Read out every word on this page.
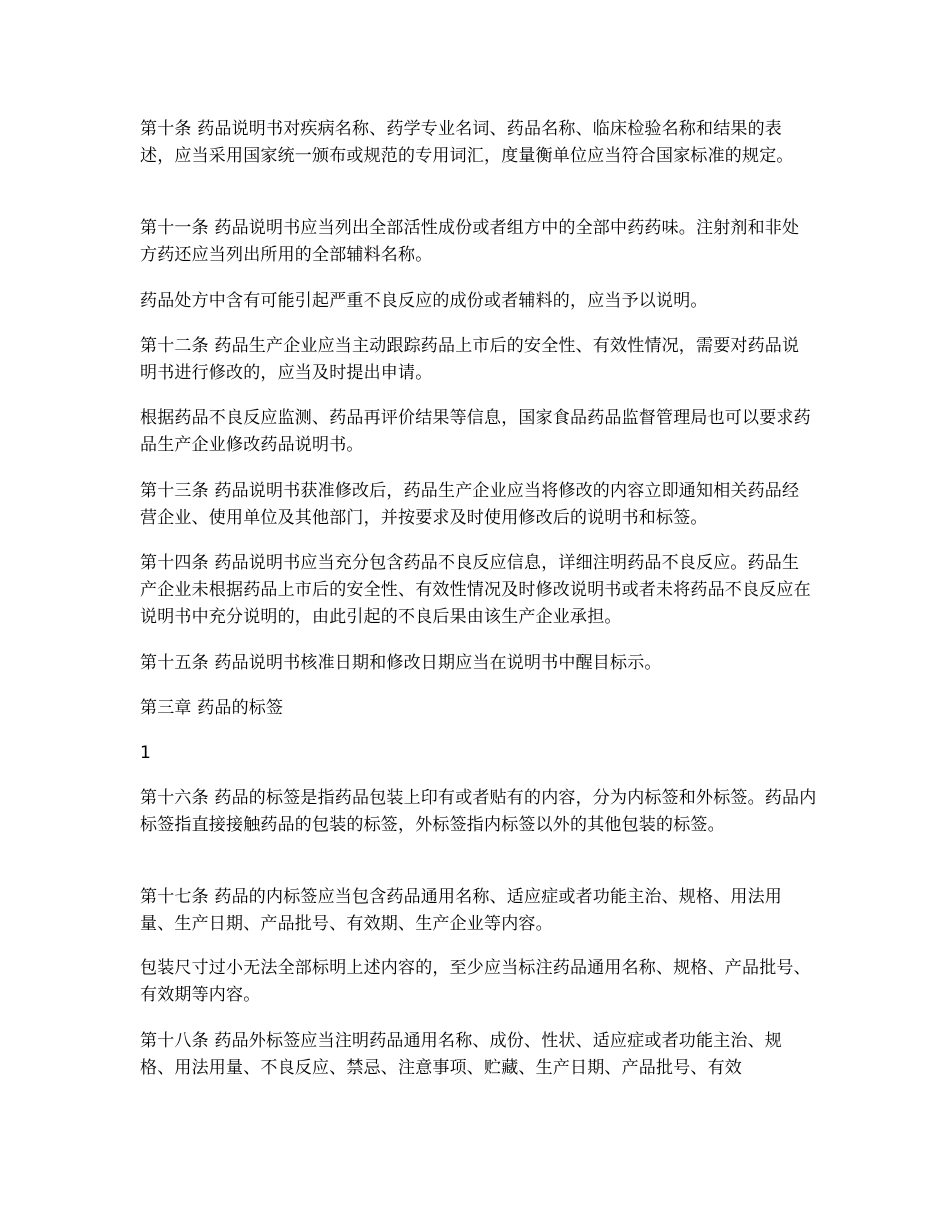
第十条 药品说明书对疾病名称、药学专业名词、药品名称、临床检验名称和结果的表述，应当采用国家统一颁布或规范的专用词汇，度量衡单位应当符合国家标准的规定。

第十一条 药品说明书应当列出全部活性成份或者组方中的全部中药药味。注射剂和非处方药还应当列出所用的全部辅料名称。

药品处方中含有可能引起严重不良反应的成份或者辅料的，应当予以说明。

第十二条 药品生产企业应当主动跟踪药品上市后的安全性、有效性情况，需要对药品说明书进行修改的，应当及时提出申请。

根据药品不良反应监测、药品再评价结果等信息，国家食品药品监督管理局也可以要求药品生产企业修改药品说明书。

第十三条 药品说明书获准修改后，药品生产企业应当将修改的内容立即通知相关药品经营企业、使用单位及其他部门，并按要求及时使用修改后的说明书和标签。

第十四条 药品说明书应当充分包含药品不良反应信息，详细注明药品不良反应。药品生产企业未根据药品上市后的安全性、有效性情况及时修改说明书或者未将药品不良反应在说明书中充分说明的，由此引起的不良后果由该生产企业承担。

第十五条 药品说明书核准日期和修改日期应当在说明书中醒目标示。

第三章 药品的标签

1

第十六条 药品的标签是指药品包装上印有或者贴有的内容，分为内标签和外标签。药品内标签指直接接触药品的包装的标签，外标签指内标签以外的其他包装的标签。

第十七条 药品的内标签应当包含药品通用名称、适应症或者功能主治、规格、用法用量、生产日期、产品批号、有效期、生产企业等内容。

包装尺寸过小无法全部标明上述内容的，至少应当标注药品通用名称、规格、产品批号、有效期等内容。

第十八条 药品外标签应当注明药品通用名称、成份、性状、适应症或者功能主治、规格、用法用量、不良反应、禁忌、注意事项、贮藏、生产日期、产品批号、有效
